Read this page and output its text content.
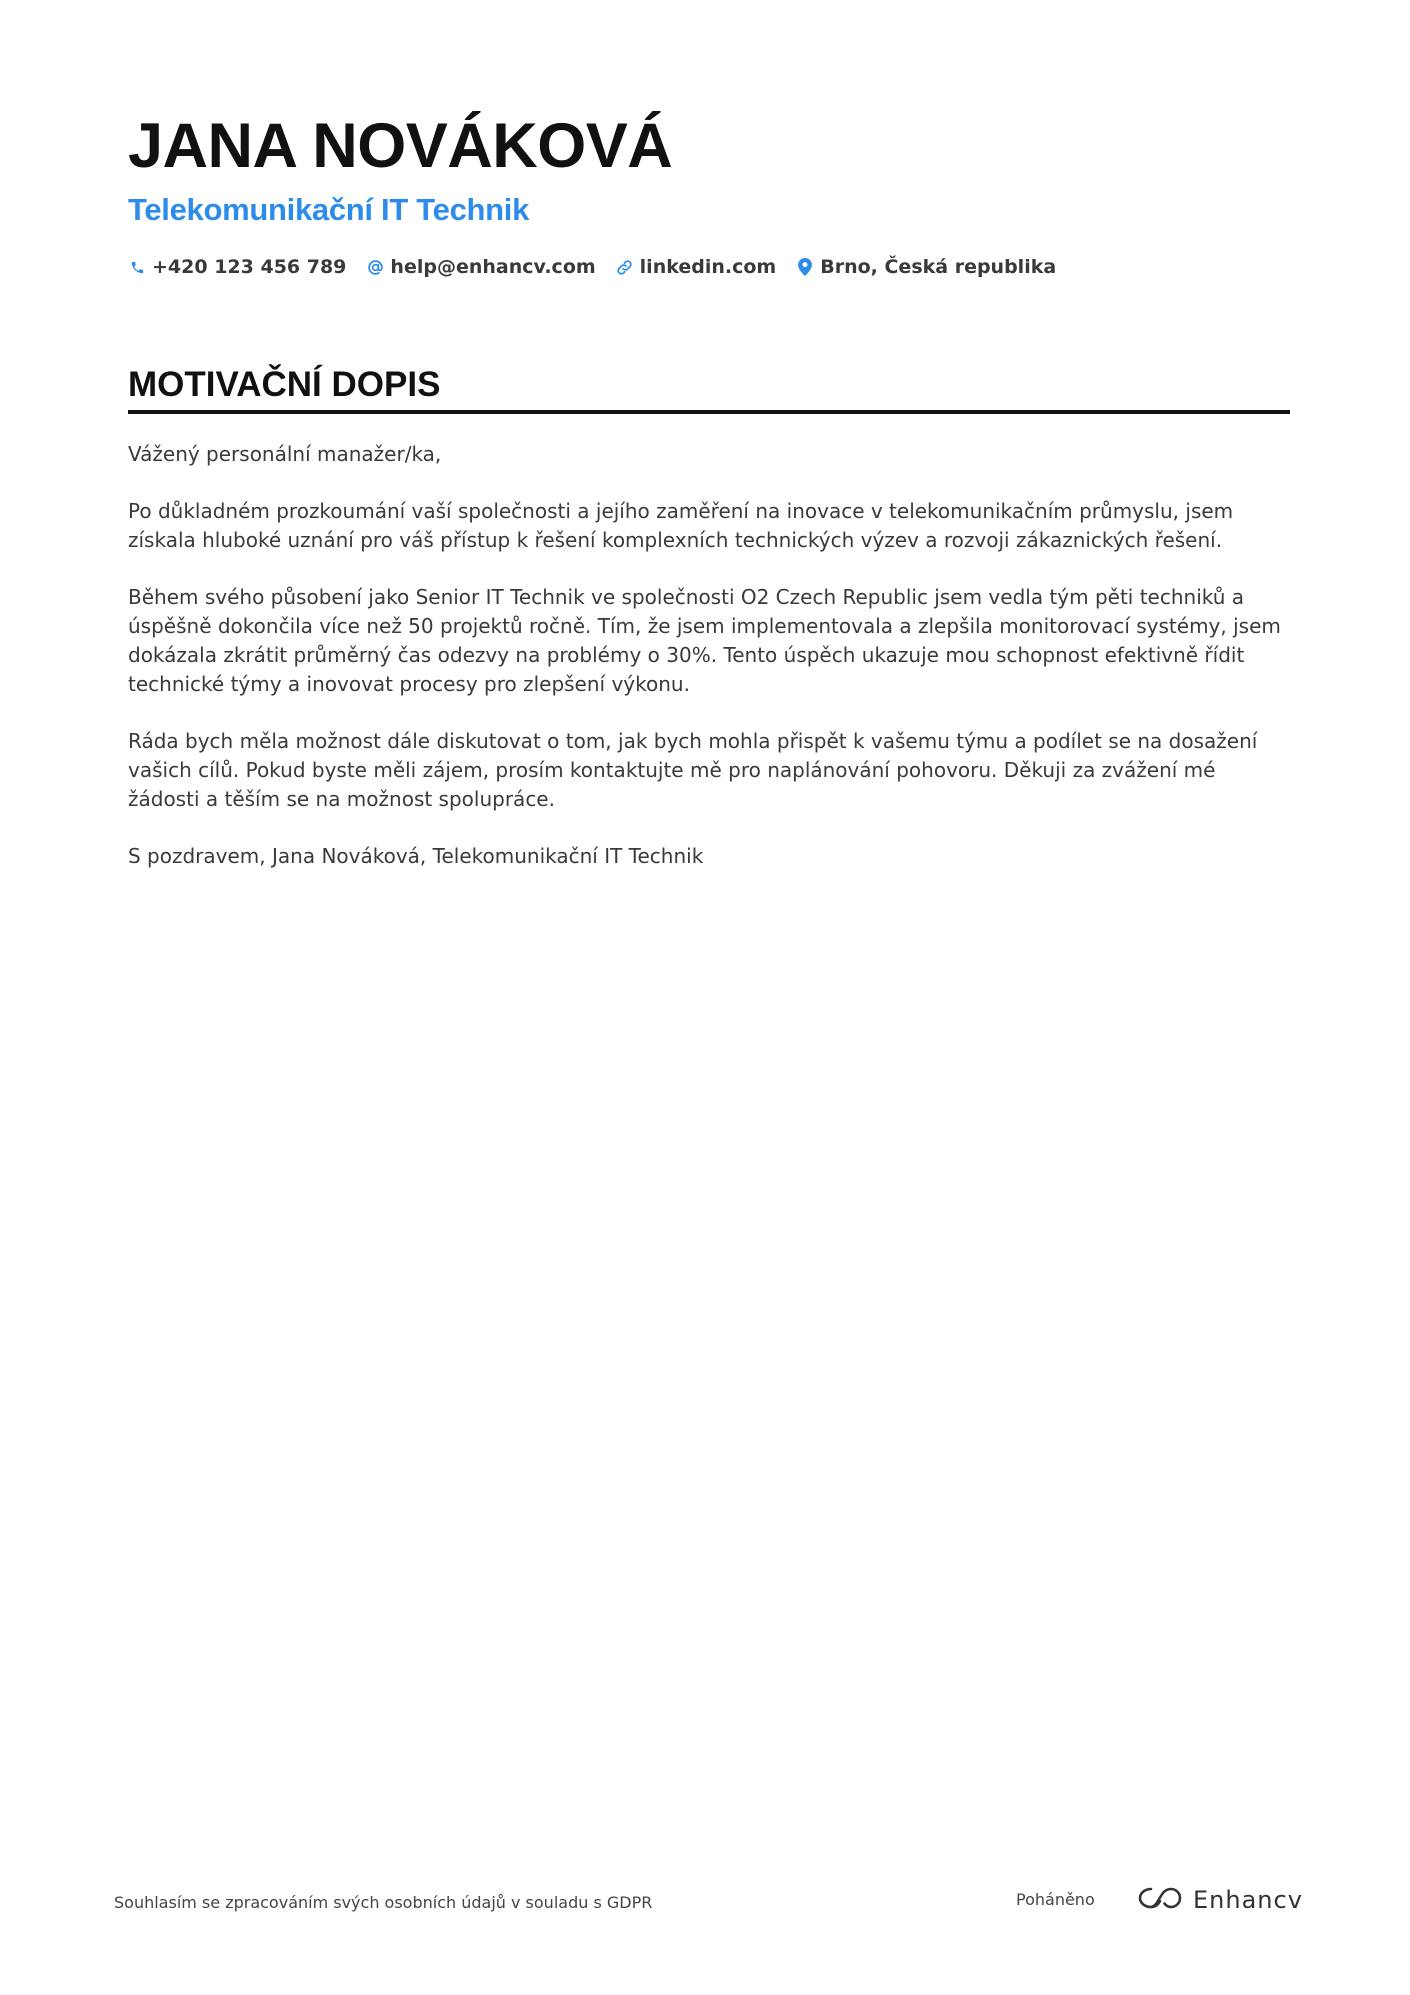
JANA NOVÁKOVÁ
Telekomunikační IT Technik
+420 123 456 789 help@enhancv.com linkedin.com Brno, Česká republika
MOTIVAČNÍ DOPIS

Vážený personální manažer/ka,

Po důkladném prozkoumání vaší společnosti a jejího zaměření na inovace v telekomunikačním průmyslu, jsem získala hluboké uznání pro váš přístup k řešení komplexních technických výzev a rozvoji zákaznických řešení.

Během svého působení jako Senior IT Technik ve společnosti O2 Czech Republic jsem vedla tým pěti techniků a úspěšně dokončila více než 50 projektů ročně. Tím, že jsem implementovala a zlepšila monitorovací systémy, jsem dokázala zkrátit průměrný čas odezvy na problémy o 30%. Tento úspěch ukazuje mou schopnost efektivně řídit technické týmy a inovovat procesy pro zlepšení výkonu.

Ráda bych měla možnost dále diskutovat o tom, jak bych mohla přispět k vašemu týmu a podílet se na dosažení vašich cílů. Pokud byste měli zájem, prosím kontaktujte mě pro naplánování pohovoru. Děkuji za zvážení mé žádosti a těším se na možnost spolupráce.

S pozdravem, Jana Nováková, Telekomunikační IT Technik

Souhlasím se zpracováním svých osobních údajů v souladu s GDPR	Poháněno	Enhancv
